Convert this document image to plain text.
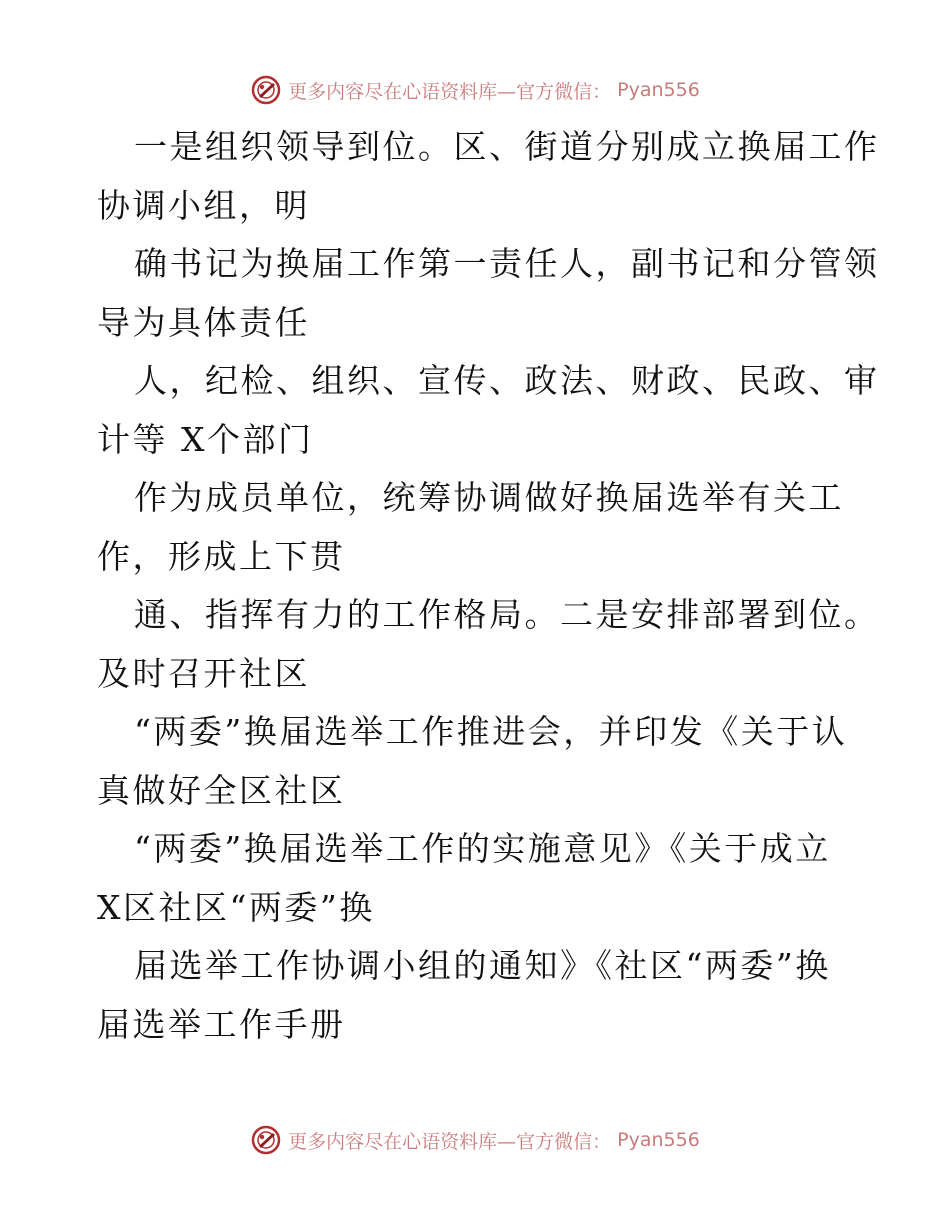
更多内容尽在心语资料库—官方微信： Pyan556
一是组织领导到位。区、街道分别成立换届工作
协调小组，明
确书记为换届工作第一责任人，副书记和分管领
导为具体责任
人，纪检、组织、宣传、政法、财政、民政、审
计等 X个部门
作为成员单位，统筹协调做好换届选举有关工
作，形成上下贯
通、指挥有力的工作格局。二是安排部署到位。
及时召开社区
“两委”换届选举工作推进会，并印发《关于认
真做好全区社区
“两委”换届选举工作的实施意见》《关于成立
X区社区“两委”换
届选举工作协调小组的通知》《社区“两委”换
届选举工作手册
更多内容尽在心语资料库—官方微信： Pyan556
